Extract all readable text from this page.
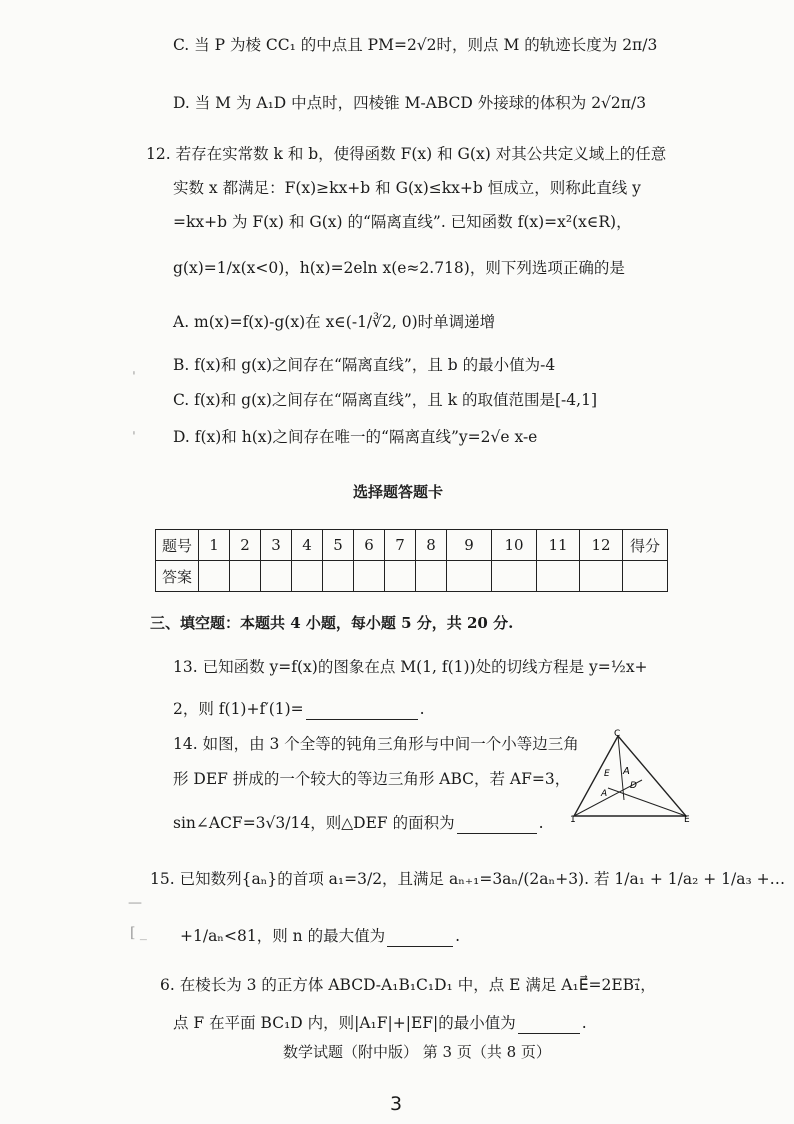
C. 当 P 为棱 CC₁ 的中点且 PM=2√2时，则点 M 的轨迹长度为 2π/3
D. 当 M 为 A₁D 中点时，四棱锥 M-ABCD 外接球的体积为 2√2π/3
12. 若存在实常数 k 和 b，使得函数 F(x) 和 G(x) 对其公共定义域上的任意
实数 x 都满足：F(x)≥kx+b 和 G(x)≤kx+b 恒成立，则称此直线 y
=kx+b 为 F(x) 和 G(x) 的“隔离直线”. 已知函数 f(x)=x²(x∈R)，
g(x)=1/x(x<0)，h(x)=2eln x(e≈2.718)，则下列选项正确的是
A. m(x)=f(x)-g(x)在 x∈(-1/∛2, 0)时单调递增
B. f(x)和 g(x)之间存在“隔离直线”，且 b 的最小值为-4
C. f(x)和 g(x)之间存在“隔离直线”，且 k 的取值范围是[-4,1]
D. f(x)和 h(x)之间存在唯一的“隔离直线”y=2√e x-e
ˈ
ˈ
选择题答题卡
题号	1	2	3	4	5	6	7	8	9	10	11	12	得分
答案													
三、填空题：本题共 4 小题，每小题 5 分，共 20 分.
13. 已知函数 y=f(x)的图象在点 M(1, f(1))处的切线方程是 y=½x+
2，则 f(1)+f′(1)=	.
14. 如图，由 3 个全等的钝角三角形与中间一个小等边三角
形 DEF 拼成的一个较大的等边三角形 ABC，若 AF=3，
sin∠ACF=3√3/14，则△DEF 的面积为	.
C
E A
D
A
1	E
15. 已知数列{aₙ}的首项 a₁=3/2，且满足 aₙ₊₁=3aₙ/(2aₙ+3). 若 1/a₁ + 1/a₂ + 1/a₃ +…
+1/aₙ<81，则 n 的最大值为	.
—
[ _
6. 在棱长为 3 的正方体 ABCD-A₁B₁C₁D₁ 中，点 E 满足 A₁E⃗=2EB₁⃗，
点 F 在平面 BC₁D 内，则|A₁F|+|EF|的最小值为	.
数学试题（附中版） 第 3 页（共 8 页）
3
